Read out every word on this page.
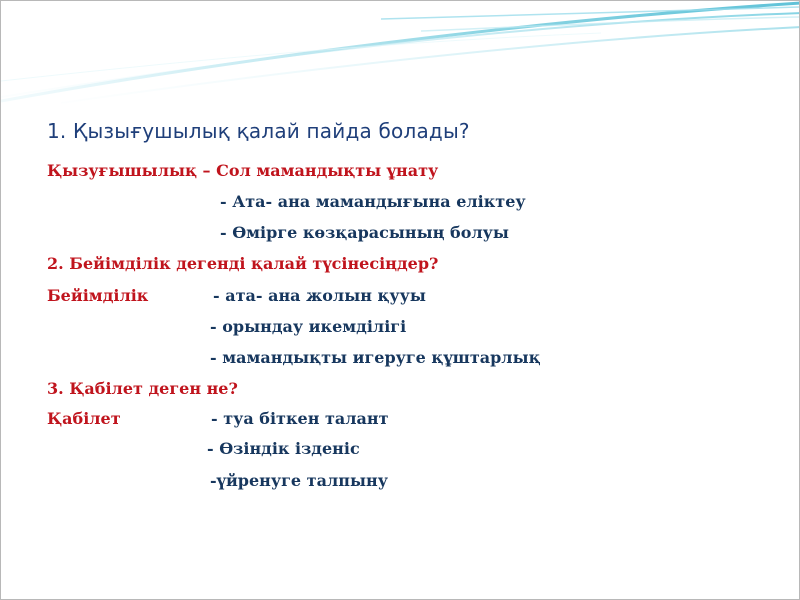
1. Қызығушылық қалай пайда болады?
Қызуғышылық – Сол мамандықты ұнату
- Ата- ана мамандығына еліктеу
- Өмірге көзқарасының болуы
2. Бейімділік дегенді қалай түсінесіңдер?
Бейімділік	- ата- ана жолын қууы
- орындау икемділігі
- мамандықты игеруге құштарлық
3. Қабілет деген не?
Қабілет	- туа біткен талант
- Өзіндік ізденіс
-үйренуге талпыну
